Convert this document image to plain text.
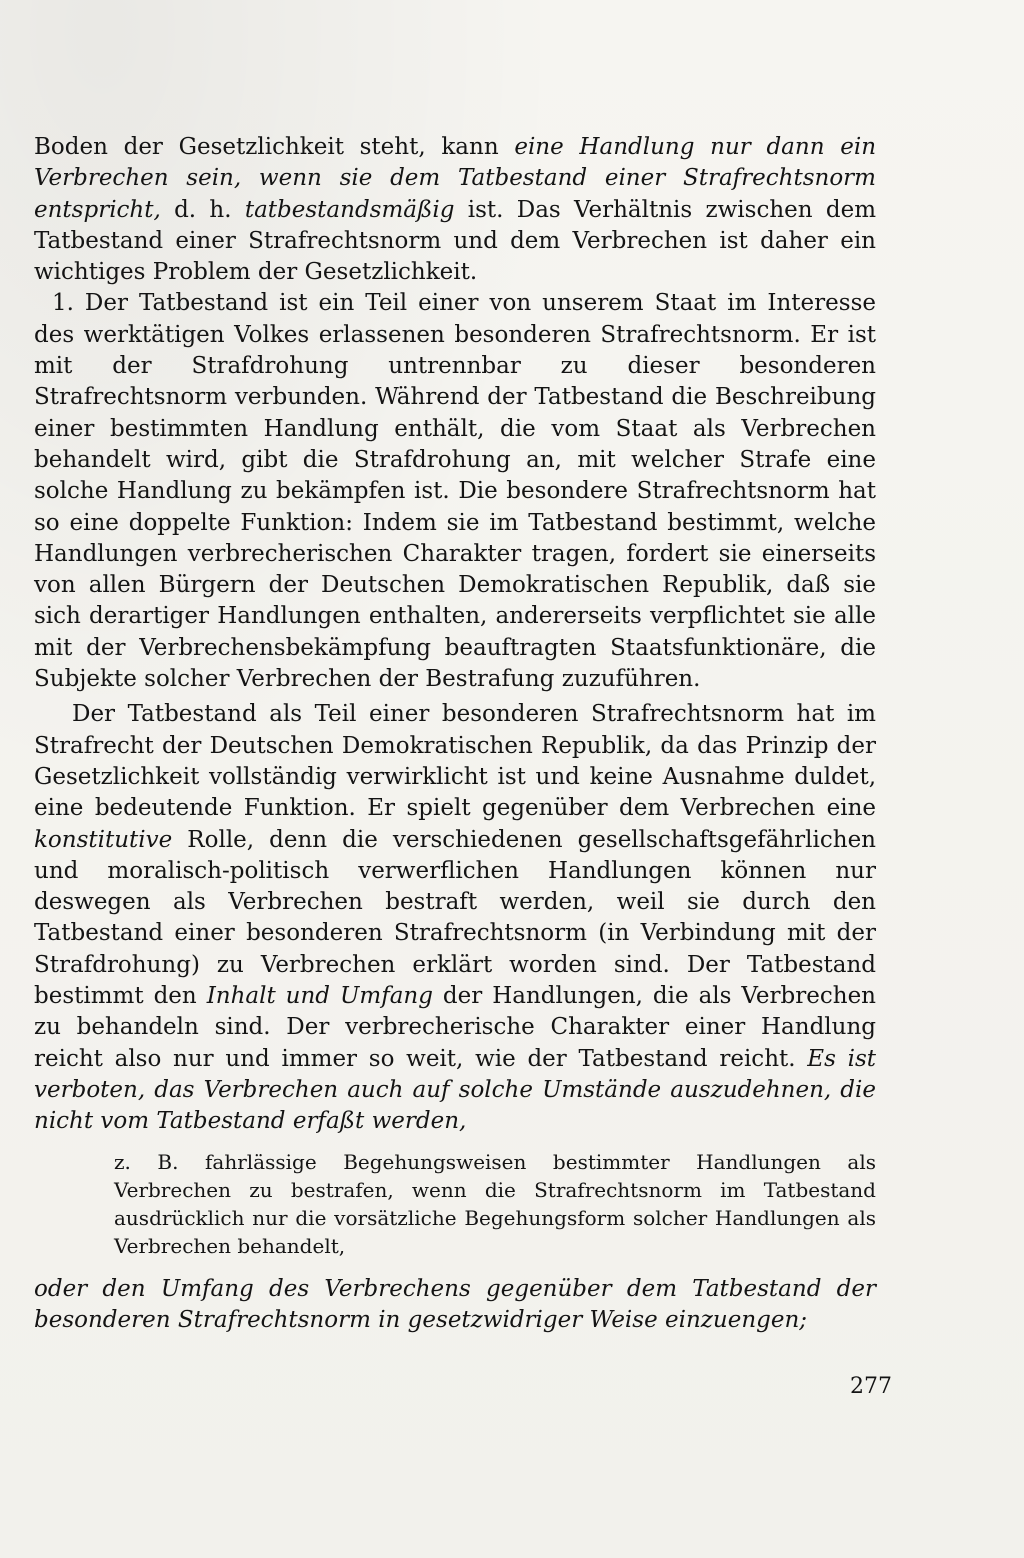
Boden der Gesetzlichkeit steht, kann eine Handlung nur dann ein Verbrechen sein, wenn sie dem Tatbestand einer Strafrechtsnorm entspricht, d. h. tatbestandsmäßig ist. Das Verhältnis zwischen dem Tatbestand einer Strafrechtsnorm und dem Verbrechen ist daher ein wichtiges Problem der Gesetzlichkeit.

1. Der Tatbestand ist ein Teil einer von unserem Staat im Interesse des werktätigen Volkes erlassenen besonderen Strafrechtsnorm. Er ist mit der Strafdrohung untrennbar zu dieser besonderen Strafrechtsnorm verbunden. Während der Tatbestand die Beschreibung einer bestimmten Handlung enthält, die vom Staat als Verbrechen behandelt wird, gibt die Strafdrohung an, mit welcher Strafe eine solche Handlung zu bekämpfen ist. Die besondere Strafrechtsnorm hat so eine doppelte Funktion: Indem sie im Tatbestand bestimmt, welche Handlungen verbrecherischen Charakter tragen, fordert sie einerseits von allen Bürgern der Deutschen Demokratischen Republik, daß sie sich derartiger Handlungen enthalten, andererseits verpflichtet sie alle mit der Verbrechensbekämpfung beauftragten Staatsfunktionäre, die Subjekte solcher Verbrechen der Bestrafung zuzuführen.

Der Tatbestand als Teil einer besonderen Strafrechtsnorm hat im Strafrecht der Deutschen Demokratischen Republik, da das Prinzip der Gesetzlichkeit vollständig verwirklicht ist und keine Ausnahme duldet, eine bedeutende Funktion. Er spielt gegenüber dem Verbrechen eine konstitutive Rolle, denn die verschiedenen gesellschaftsgefährlichen und moralisch-politisch verwerflichen Handlungen können nur deswegen als Verbrechen bestraft werden, weil sie durch den Tatbestand einer besonderen Strafrechtsnorm (in Verbindung mit der Strafdrohung) zu Verbrechen erklärt worden sind. Der Tatbestand bestimmt den Inhalt und Umfang der Handlungen, die als Verbrechen zu behandeln sind. Der verbrecherische Charakter einer Handlung reicht also nur und immer so weit, wie der Tatbestand reicht. Es ist verboten, das Verbrechen auch auf solche Umstände auszudehnen, die nicht vom Tatbestand erfaßt werden,

z. B. fahrlässige Begehungsweisen bestimmter Handlungen als Verbrechen zu bestrafen, wenn die Strafrechtsnorm im Tatbestand ausdrücklich nur die vorsätzliche Begehungsform solcher Handlungen als Verbrechen behandelt,

oder den Umfang des Verbrechens gegenüber dem Tatbestand der besonderen Strafrechtsnorm in gesetzwidriger Weise einzuengen;

277
